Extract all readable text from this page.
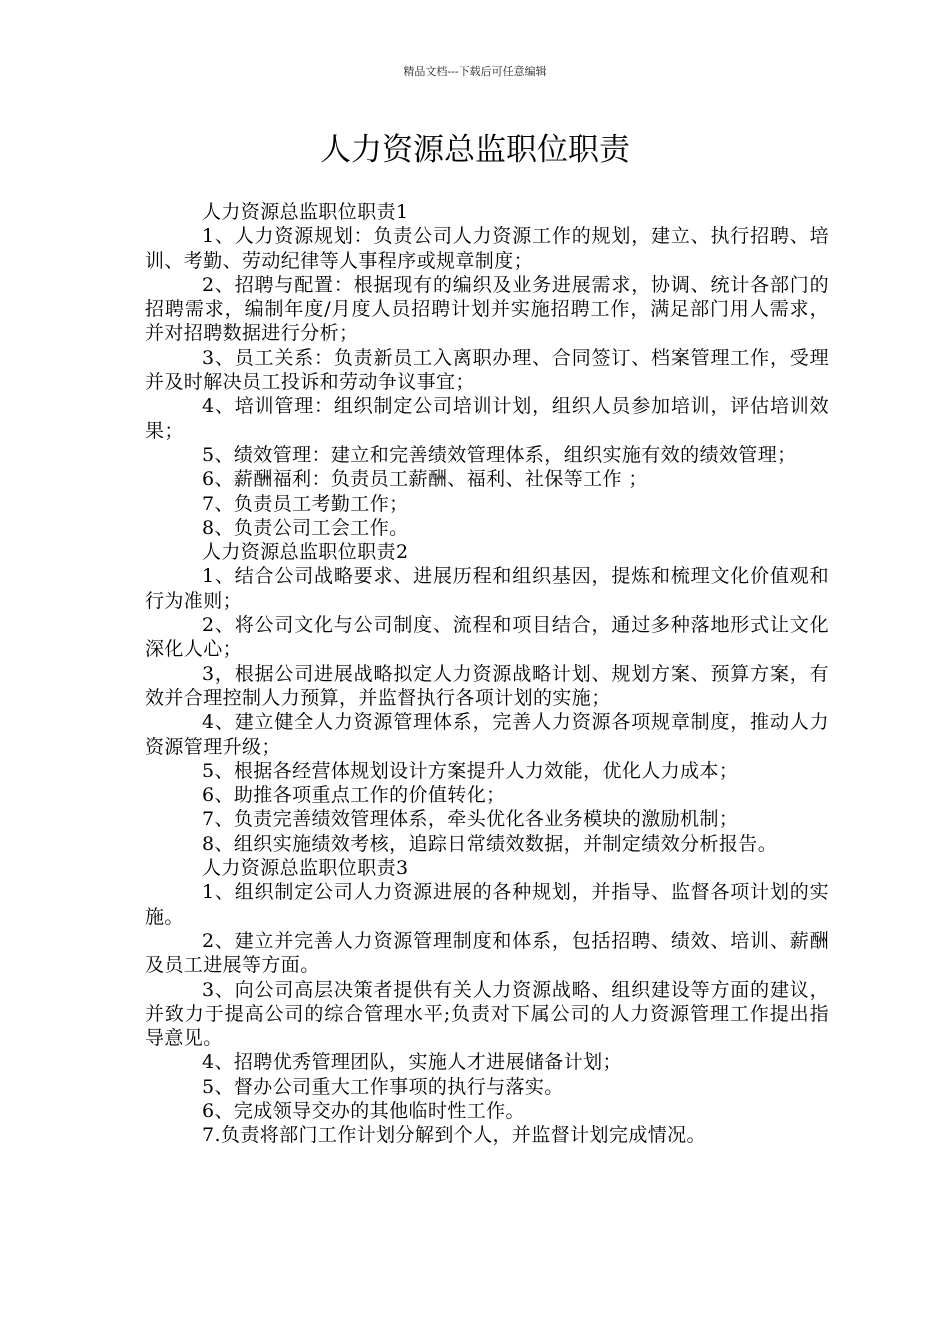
精品文档---下载后可任意编辑
人力资源总监职位职责

人力资源总监职位职责1

1、人力资源规划：负责公司人力资源工作的规划，建立、执行招聘、培训、考勤、劳动纪律等人事程序或规章制度；

2、招聘与配置：根据现有的编织及业务进展需求，协调、统计各部门的招聘需求，编制年度/月度人员招聘计划并实施招聘工作，满足部门用人需求，并对招聘数据进行分析；

3、员工关系：负责新员工入离职办理、合同签订、档案管理工作，受理并及时解决员工投诉和劳动争议事宜；

4、培训管理：组织制定公司培训计划，组织人员参加培训，评估培训效果；

5、绩效管理：建立和完善绩效管理体系，组织实施有效的绩效管理；

6、薪酬福利：负责员工薪酬、福利、社保等工作 ；

7、负责员工考勤工作；

8、负责公司工会工作。

人力资源总监职位职责2

1、结合公司战略要求、进展历程和组织基因，提炼和梳理文化价值观和行为准则；

2、将公司文化与公司制度、流程和项目结合，通过多种落地形式让文化深化人心；

3，根据公司进展战略拟定人力资源战略计划、规划方案、预算方案，有效并合理控制人力预算，并监督执行各项计划的实施；

4、建立健全人力资源管理体系，完善人力资源各项规章制度，推动人力资源管理升级；

5、根据各经营体规划设计方案提升人力效能，优化人力成本；

6、助推各项重点工作的价值转化；

7、负责完善绩效管理体系，牵头优化各业务模块的激励机制；

8、组织实施绩效考核，追踪日常绩效数据，并制定绩效分析报告。

人力资源总监职位职责3

1、组织制定公司人力资源进展的各种规划，并指导、监督各项计划的实施。

2、建立并完善人力资源管理制度和体系，包括招聘、绩效、培训、薪酬及员工进展等方面。

3、向公司高层决策者提供有关人力资源战略、组织建设等方面的建议，并致力于提高公司的综合管理水平;负责对下属公司的人力资源管理工作提出指导意见。

4、招聘优秀管理团队，实施人才进展储备计划；

5、督办公司重大工作事项的执行与落实。

6、完成领导交办的其他临时性工作。

7.负责将部门工作计划分解到个人，并监督计划完成情况。
